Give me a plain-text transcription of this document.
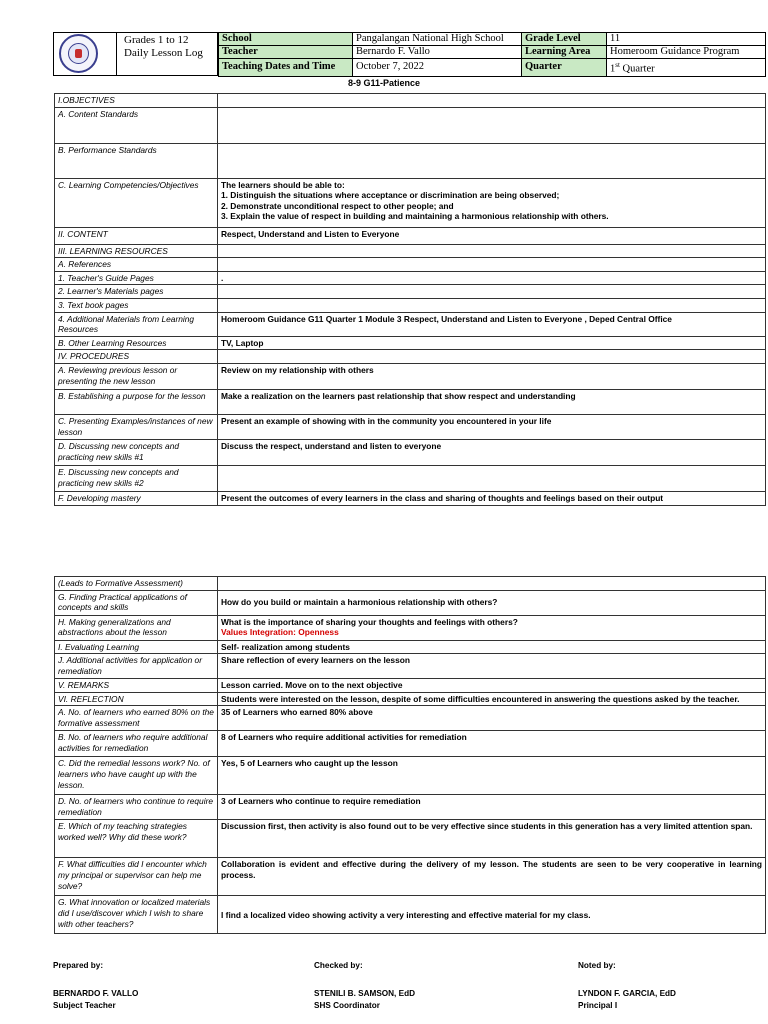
Grades 1 to 12
Daily Lesson Log
School	Pangalangan National High School	Grade Level	11
Teacher	Bernardo F. Vallo	Learning Area	Homeroom Guidance Program
Teaching Dates and Time	October 7, 2022	Quarter	1st Quarter
8-9 G11-Patience
I.OBJECTIVES	
A. Content Standards	
B. Performance Standards	
C. Learning Competencies/Objectives	The learners should be able to:
1. Distinguish the situations where acceptance or discrimination are being observed;
2. Demonstrate unconditional respect to other people; and
3. Explain the value of respect in building and maintaining a harmonious relationship with others.

II. CONTENT	Respect, Understand and Listen to Everyone
III. LEARNING RESOURCES	
A. References	
1. Teacher's Guide Pages	.
2. Learner's Materials pages	
3. Text book pages	
4. Additional Materials from Learning Resources	Homeroom Guidance G11 Quarter 1 Module 3 Respect, Understand and Listen to Everyone , Deped Central Office
B. Other Learning Resources	TV, Laptop
IV. PROCEDURES	
A. Reviewing previous lesson or presenting the new lesson	Review on my relationship with others
B. Establishing a purpose for the lesson	Make a realization on the learners past relationship that show respect and understanding
C. Presenting Examples/instances of new lesson	Present an example of showing with in the community you encountered in your life
D. Discussing new concepts and practicing new skills #1	Discuss the respect, understand and listen to everyone
E. Discussing new concepts and practicing new skills #2	
F. Developing mastery	Present the outcomes of every learners in the class and sharing of thoughts and feelings based on their output
(Leads to Formative Assessment)	
G. Finding Practical applications of concepts and skills	How do you build or maintain a harmonious relationship with others?
H. Making generalizations and abstractions about the lesson	What is the importance of sharing your thoughts and feelings with others?
Values Integration: Openness

I. Evaluating Learning	Self- realization among students
J. Additional activities for application or remediation	Share reflection of every learners on the lesson
V. REMARKS	Lesson carried. Move on to the next objective
VI. REFLECTION	Students were interested on the lesson, despite of some difficulties encountered in answering the questions asked by the teacher.
A. No. of learners who earned 80% on the formative assessment	35 of Learners who earned 80% above
B. No. of learners who require additional activities for remediation	8 of Learners who require additional activities for remediation
C. Did the remedial lessons work? No. of learners who have caught up with the lesson.	Yes, 5 of Learners who caught up the lesson
D. No. of learners who continue to require remediation	3 of Learners who continue to require remediation
E. Which of my teaching strategies worked well? Why did these work?	Discussion first, then activity is also found out to be very effective since students in this generation has a very limited attention span.
F. What difficulties did I encounter which my principal or supervisor can help me solve?	Collaboration is evident and effective during the delivery of my lesson. The students are seen to be very cooperative in learning process.
G. What innovation or localized materials did I use/discover which I wish to share with other teachers?	I find a localized video showing activity a very interesting and effective material for my class.
Prepared by:	Checked by:	Noted by:
BERNARDO F. VALLO
Subject Teacher
STENILI B. SAMSON, EdD
SHS Coordinator
LYNDON F. GARCIA, EdD
Principal I
